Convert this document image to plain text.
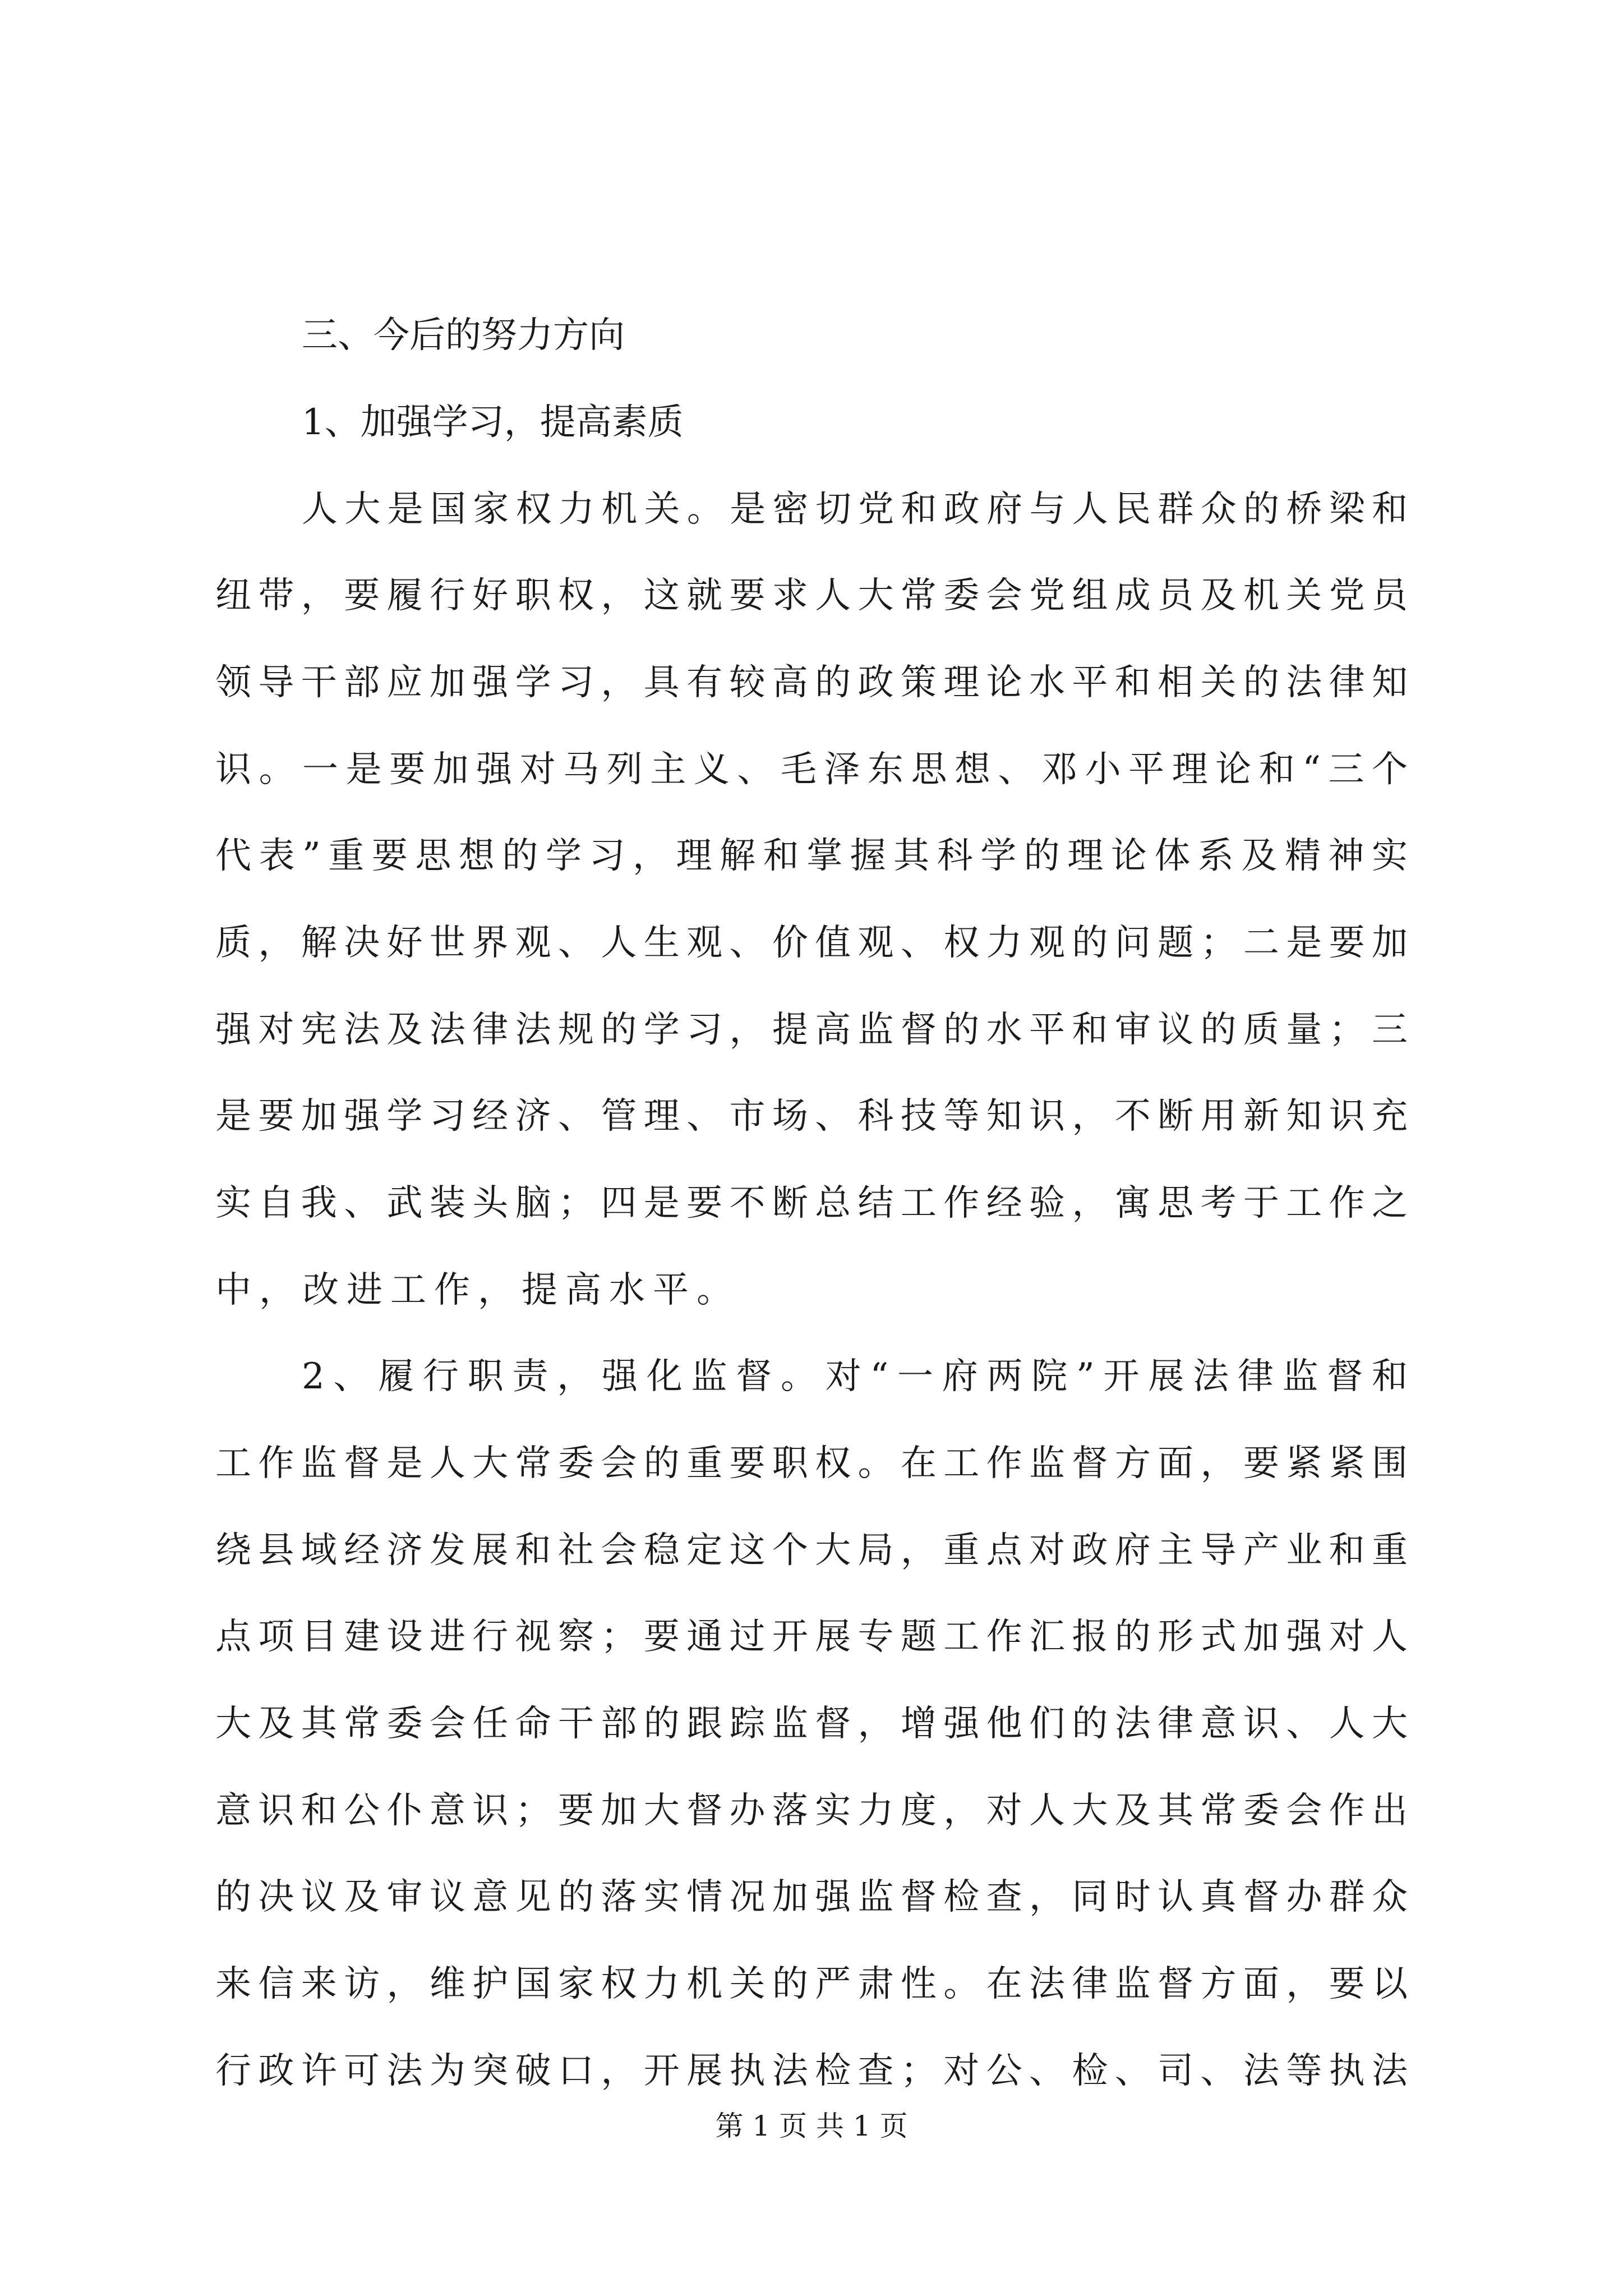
三、今后的努力方向
1、加强学习，提高素质
人大是国家权力机关。是密切党和政府与人民群众的桥梁和
纽带，要履行好职权，这就要求人大常委会党组成员及机关党员
领导干部应加强学习，具有较高的政策理论水平和相关的法律知
识。一是要加强对马列主义、毛泽东思想、邓小平理论和“三个
代表”重要思想的学习，理解和掌握其科学的理论体系及精神实
质，解决好世界观、人生观、价值观、权力观的问题；二是要加
强对宪法及法律法规的学习，提高监督的水平和审议的质量；三
是要加强学习经济、管理、市场、科技等知识，不断用新知识充
实自我、武装头脑；四是要不断总结工作经验，寓思考于工作之
中，改进工作，提高水平。
2、履行职责，强化监督。对“一府两院”开展法律监督和
工作监督是人大常委会的重要职权。在工作监督方面，要紧紧围
绕县域经济发展和社会稳定这个大局，重点对政府主导产业和重
点项目建设进行视察；要通过开展专题工作汇报的形式加强对人
大及其常委会任命干部的跟踪监督，增强他们的法律意识、人大
意识和公仆意识；要加大督办落实力度，对人大及其常委会作出
的决议及审议意见的落实情况加强监督检查，同时认真督办群众
来信来访，维护国家权力机关的严肃性。在法律监督方面，要以
行政许可法为突破口，开展执法检查；对公、检、司、法等执法
第 1 页 共 1 页
